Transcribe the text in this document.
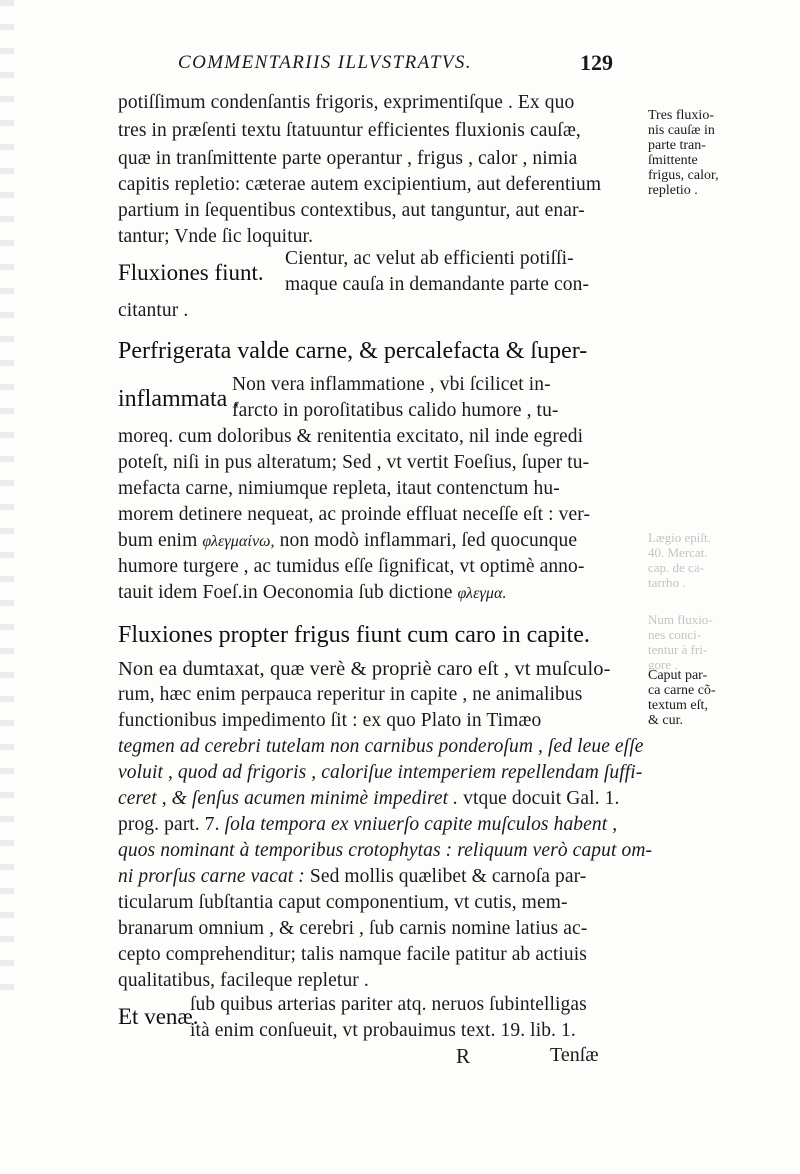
COMMENTARIIS ILLVSTRATVS.	129
potiſſimum condenſantis frigoris, exprimentiſque . Ex quo
tres in præſenti textu ſtatuuntur efficientes fluxionis cauſæ,
quæ in tranſmittente parte operantur , frigus , calor , nimia
capitis repletio: cæterae autem excipientium, aut deferentium
partium in ſequentibus contextibus, aut tanguntur, aut enar-
tantur; Vnde ſic loquitur.
Tres fluxio-
nis cauſæ in
parte tran-
ſmittente
frigus, calor,
repletio .
Cientur, ac velut ab efficienti potiſſi-
Fluxiones fiunt. maque cauſa in demandante parte con-
citantur .
Perfrigerata valde carne, & percalefacta & ſuper-
Non vera inflammatione , vbi ſcilicet in-
inflammata .
farcto in poroſitatibus calido humore , tu-
moreq. cum doloribus & renitentia excitato, nil inde egredi
poteſt, niſi in pus alteratum; Sed , vt vertit Foeſius, ſuper tu-
mefacta carne, nimiumque repleta, itaut contenctum hu-
morem detinere nequeat, ac proinde effluat neceſſe eſt : ver-
bum enim φλεγμαίνω, non modò inflammari, ſed quocunque
humore turgere , ac tumidus eſſe ſignificat, vt optimè anno-
tauit idem Foeſ.in Oeconomia ſub dictione φλεγμα.
Lægio epiſt.
40. Mercat.
cap. de ca-
tarrho .
Num fluxio-
nes conci-
tentur à fri-
gore .
Fluxiones propter frigus fiunt cum caro in capite.
Non ea dumtaxat, quæ verè & propriè caro eſt , vt muſculo-
rum, hæc enim perpauca reperitur in capite , ne animalibus
functionibus impedimento ſit : ex quo Plato in Timæo
tegmen ad cerebri tutelam non carnibus ponderoſum , ſed leue eſſe
voluit , quod ad frigoris , caloriſue intemperiem repellendam ſuffi-
ceret , & ſenſus acumen minimè impediret . vtque docuit Gal. 1.
prog. part. 7. ſola tempora ex vniuerſo capite muſculos habent ,
quos nominant à temporibus crotophytas : reliquum verò caput om-
ni prorſus carne vacat : Sed mollis quælibet & carnoſa par-
ticularum ſubſtantia caput componentium, vt cutis, mem-
branarum omnium , & cerebri , ſub carnis nomine latius ac-
cepto comprehenditur; talis namque facile patitur ab actiuis
qualitatibus, facileque repletur .
Caput par-
ca carne cõ-
textum eſt,
& cur.
ſub quibus arterias pariter atq. neruos ſubintelligas
Et venæ.
ità enim conſueuit, vt probauimus text. 19. lib. 1.
R	Tenſæ
